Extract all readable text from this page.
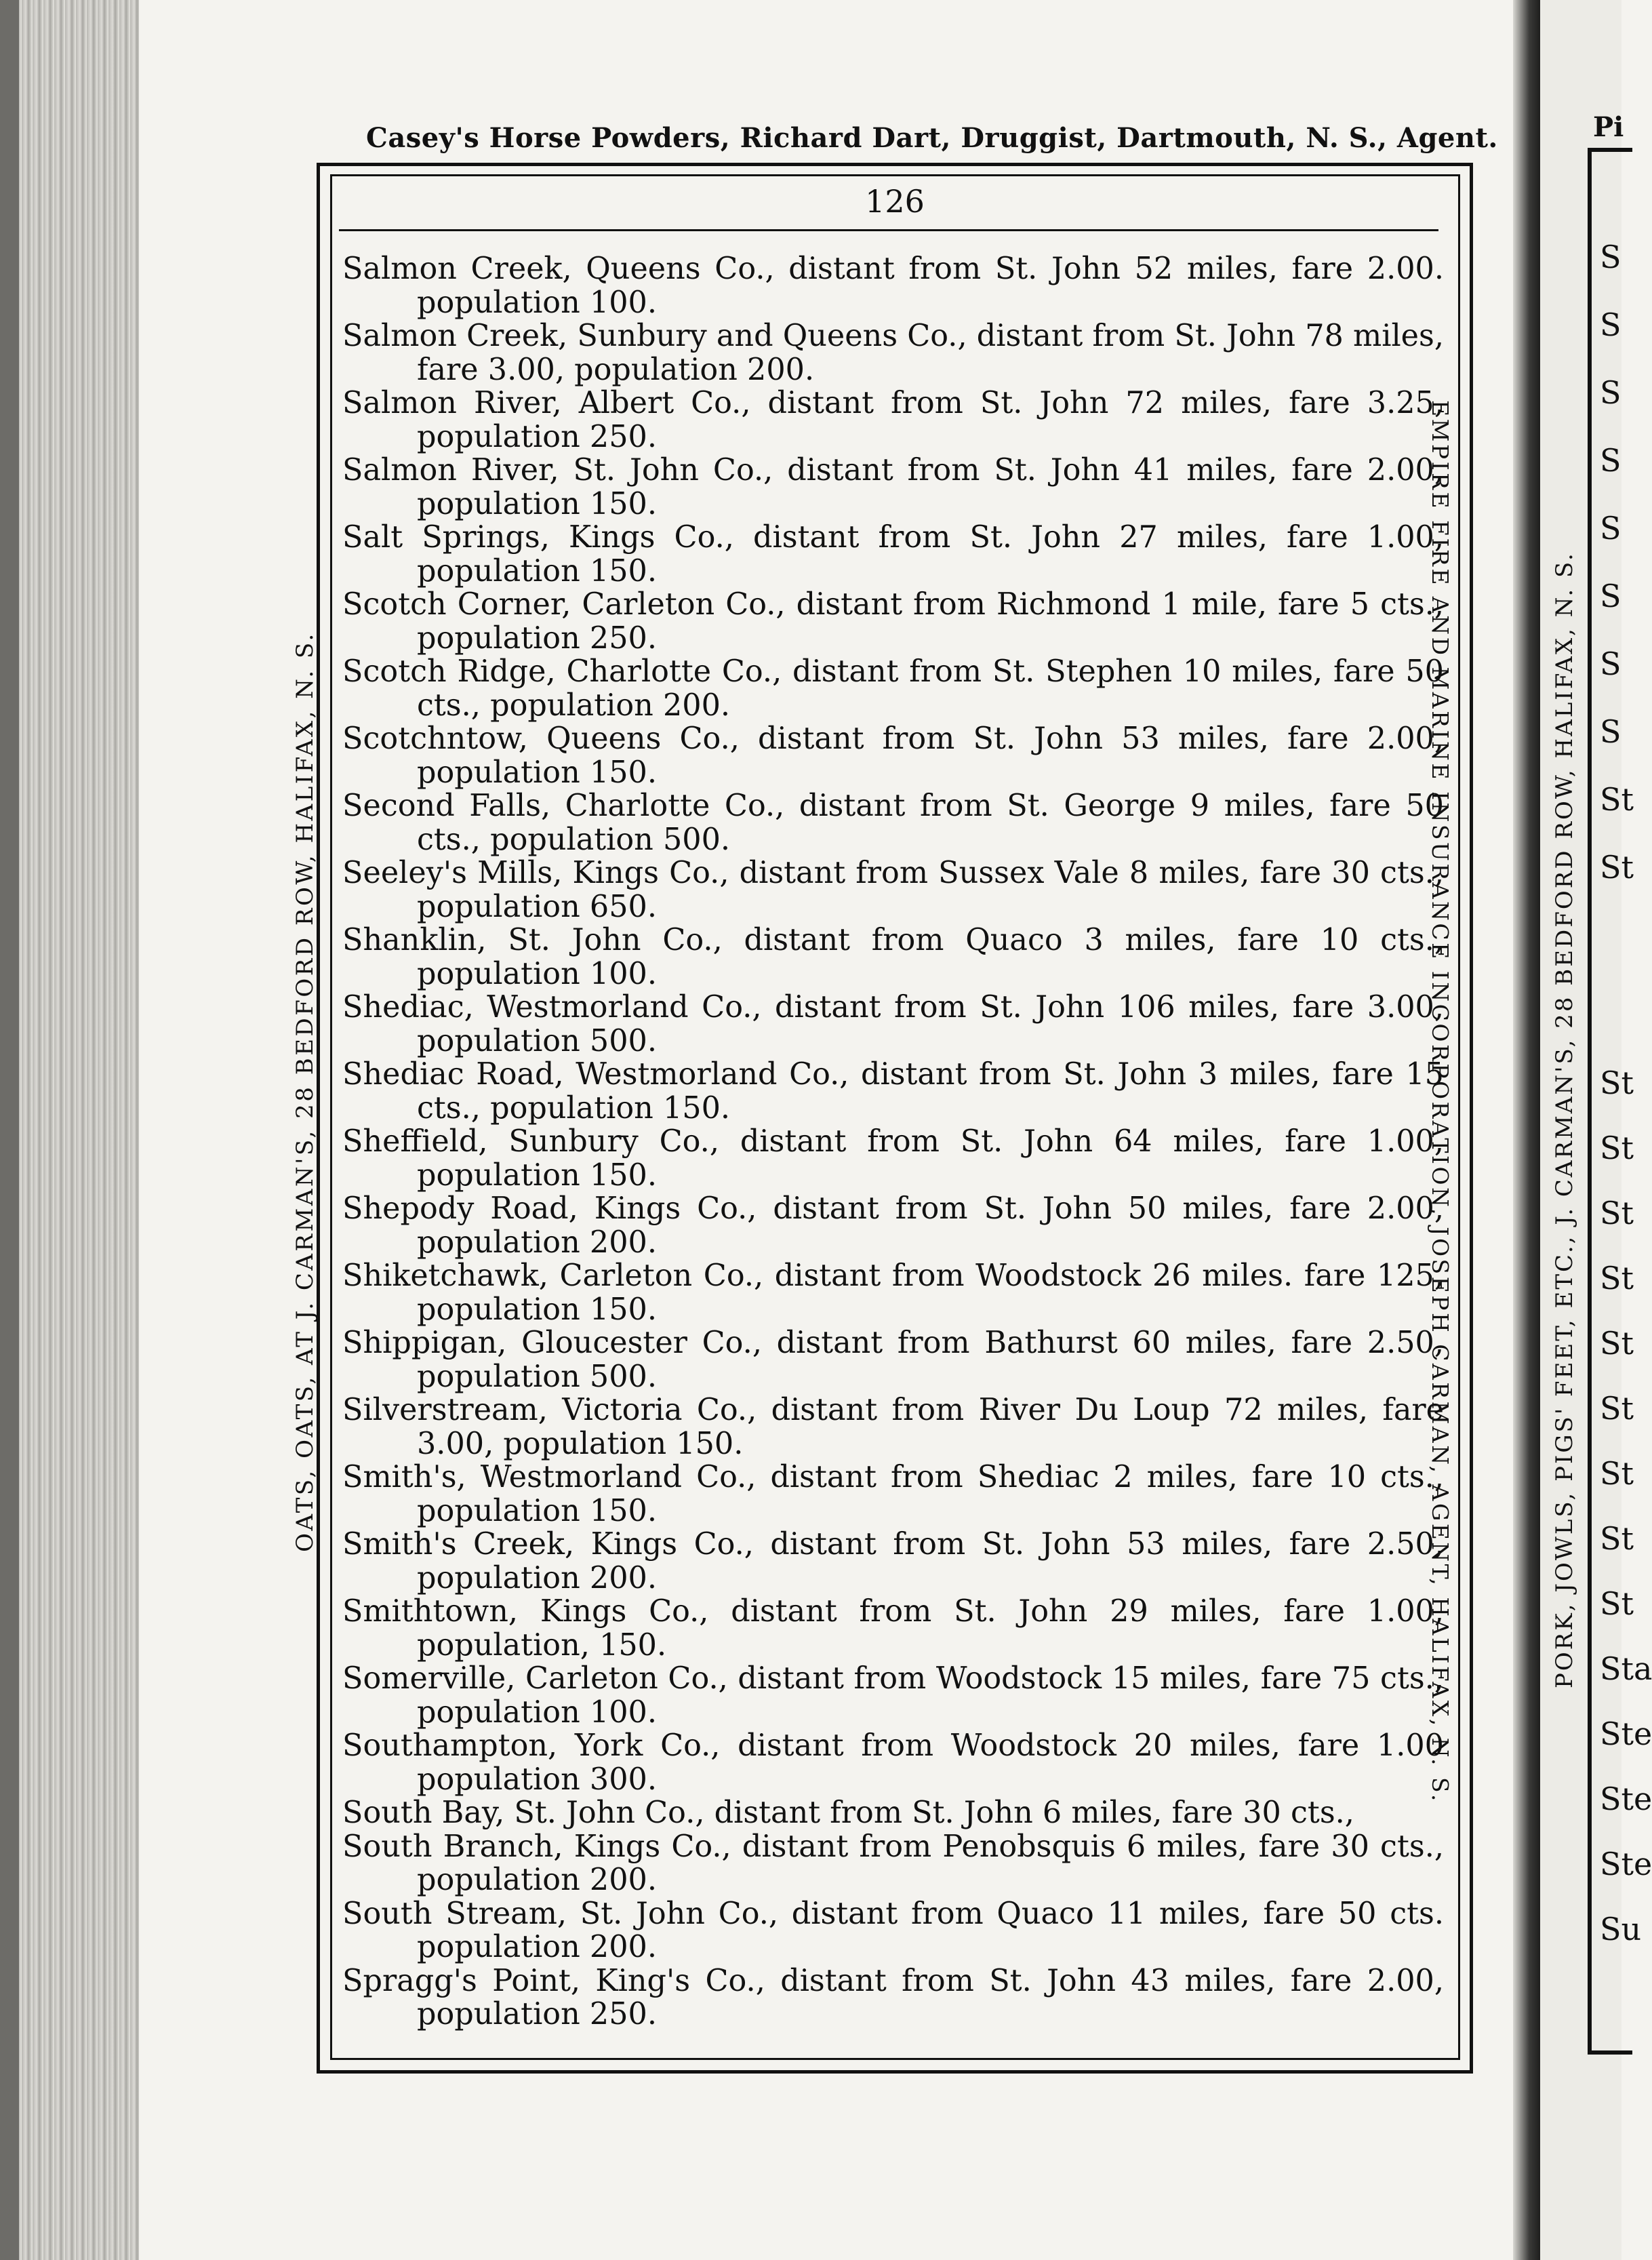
Casey's Horse Powders, Richard Dart, Druggist, Dartmouth, N. S., Agent.
126

Salmon Creek, Queens Co., distant from St. John 52 miles, fare 2.00. population 100.

Salmon Creek, Sunbury and Queens Co., distant from St. John 78 miles, fare 3.00, population 200.

Salmon River, Albert Co., distant from St. John 72 miles, fare 3.25, population 250.

Salmon River, St. John Co., distant from St. John 41 miles, fare 2.00, population 150.

Salt Springs, Kings Co., distant from St. John 27 miles, fare 1.00, population 150.

Scotch Corner, Carleton Co., distant from Richmond 1 mile, fare 5 cts., population 250.

Scotch Ridge, Charlotte Co., distant from St. Stephen 10 miles, fare 50 cts., population 200.

Scotchntow, Queens Co., distant from St. John 53 miles, fare 2.00, population 150.

Second Falls, Charlotte Co., distant from St. George 9 miles, fare 50 cts., population 500.

Seeley's Mills, Kings Co., distant from Sussex Vale 8 miles, fare 30 cts., population 650.

Shanklin, St. John Co., distant from Quaco 3 miles, fare 10 cts., population 100.

Shediac, Westmorland Co., distant from St. John 106 miles, fare 3.00, population 500.

Shediac Road, Westmorland Co., distant from St. John 3 miles, fare 15 cts., population 150.

Sheffield, Sunbury Co., distant from St. John 64 miles, fare 1.00, population 150.

Shepody Road, Kings Co., distant from St. John 50 miles, fare 2.00, population 200.

Shiketchawk, Carleton Co., distant from Woodstock 26 miles. fare 125, population 150.

Shippigan, Gloucester Co., distant from Bathurst 60 miles, fare 2.50, population 500.

Silverstream, Victoria Co., distant from River Du Loup 72 miles, fare 3.00, population 150.

Smith's, Westmorland Co., distant from Shediac 2 miles, fare 10 cts., population 150.

Smith's Creek, Kings Co., distant from St. John 53 miles, fare 2.50, population 200.

Smithtown, Kings Co., distant from St. John 29 miles, fare 1.00, population, 150.

Somerville, Carleton Co., distant from Woodstock 15 miles, fare 75 cts., population 100.

Southampton, York Co., distant from Woodstock 20 miles, fare 1.00 population 300.

South Bay, St. John Co., distant from St. John 6 miles, fare 30 cts.,

South Branch, Kings Co., distant from Penobsquis 6 miles, fare 30 cts., population 200.

South Stream, St. John Co., distant from Quaco 11 miles, fare 50 cts. population 200.

Spragg's Point, King's Co., distant from St. John 43 miles, fare 2.00, population 250.

OATS, OATS, AT J. CARMAN'S, 28 BEDFORD ROW, HALIFAX, N. S.	EMPIRE FIRE AND MARINE INSURANCE INCORPORATION, JOSEPH CARMAN, AGENT, HALIFAX, N. S.
Pi
S
S
S
S
S
S
S
S
St
St
St
St
St
St
St
St
St
St
St
Sta
Ste
Ste
Ste
Su
PORK, JOWLS, PIGS' FEET, ETC., J. CARMAN'S, 28 BEDFORD ROW, HALIFAX, N. S.
